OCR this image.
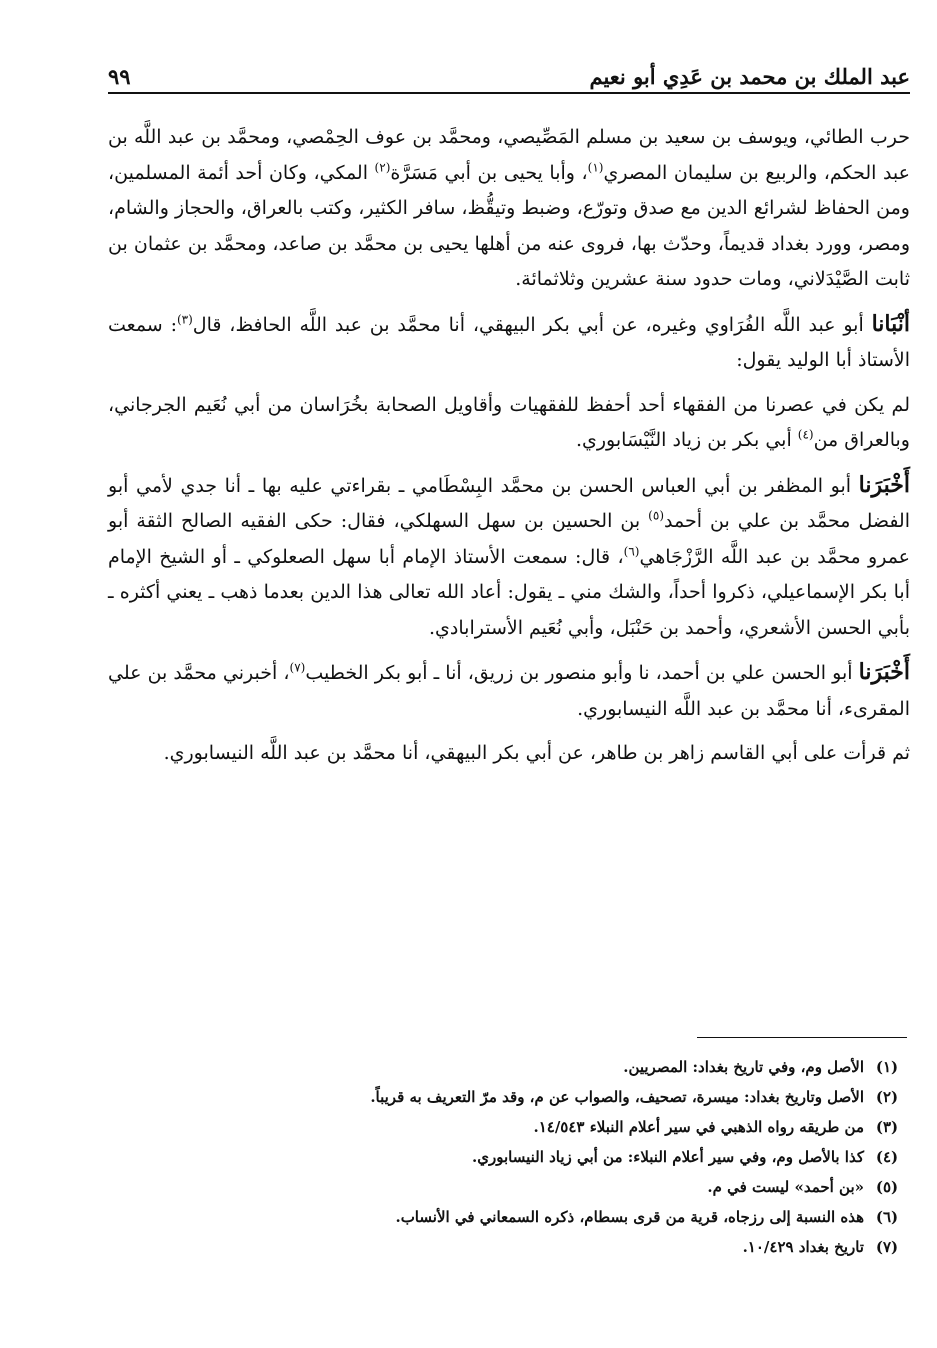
عبد الملك بن محمد بن عَدِي أبو نعيم
٩٩

حرب الطائي، ويوسف بن سعيد بن مسلم المَصِّيصي، ومحمَّد بن عوف الحِمْصي، ومحمَّد بن عبد اللَّه بن عبد الحكم، والربيع بن سليمان المصري$^{(١)}$، وأبا يحيى بن أبي مَسَرَّة$^{(٢)}$ المكي، وكان أحد أئمة المسلمين، ومن الحفاظ لشرائع الدين مع صدق وتورّع، وضبط وتيقُّظ، سافر الكثير، وكتب بالعراق، والحجاز والشام، ومصر، وورد بغداد قديماً، وحدّث بها، فروى عنه من أهلها يحيى بن محمَّد بن صاعد، ومحمَّد بن عثمان بن ثابت الصَّيْدَلاني، ومات حدود سنة عشرين وثلاثمائة.

أنْبَانا أبو عبد اللَّه الفُرَاوي وغيره، عن أبي بكر البيهقي، أنا محمَّد بن عبد اللَّه الحافظ، قال$^{(٣)}$: سمعت الأستاذ أبا الوليد يقول:

لم يكن في عصرنا من الفقهاء أحد أحفظ للفقهيات وأقاويل الصحابة بخُرَاسان من أبي نُعَيم الجرجاني، وبالعراق من$^{(٤)}$ أبي بكر بن زياد النَّيْسَابوري.

أَخْبَرَنا أبو المظفر بن أبي العباس الحسن بن محمَّد البِسْطَامي ـ بقراءتي عليه بها ـ أنا جدي لأمي أبو الفضل محمَّد بن علي بن أحمد$^{(٥)}$ بن الحسين بن سهل السهلكي، فقال: حكى الفقيه الصالح الثقة أبو عمرو محمَّد بن عبد اللَّه الرَّزْجَاهي$^{(٦)}$، قال: سمعت الأستاذ الإمام أبا سهل الصعلوكي ـ أو الشيخ الإمام أبا بكر الإسماعيلي، ذكروا أحداً، والشك مني ـ يقول: أعاد الله تعالى هذا الدين بعدما ذهب ـ يعني أكثره ـ بأبي الحسن الأشعري، وأحمد بن حَنْبَل، وأبي نُعَيم الأسترابادي.

أَخْبَرَنا أبو الحسن علي بن أحمد، نا وأبو منصور بن زريق، أنا ـ أبو بكر الخطيب$^{(٧)}$، أخبرني محمَّد بن علي المقرىء، أنا محمَّد بن عبد اللَّه النيسابوري.

ثم قرأت على أبي القاسم زاهر بن طاهر، عن أبي بكر البيهقي، أنا محمَّد بن عبد اللَّه النيسابوري.

(١)
الأصل وم، وفي تاريخ بغداد: المصريين.
(٢)
الأصل وتاريخ بغداد: ميسرة، تصحيف، والصواب عن م، وقد مرّ التعريف به قريباً.
(٣)
من طريقه رواه الذهبي في سير أعلام النبلاء ١٤/٥٤٣.
(٤)
كذا بالأصل وم، وفي سير أعلام النبلاء: من أبي زياد النيسابوري.
(٥)
«بن أحمد» ليست في م.
(٦)
هذه النسبة إلى رزجاه، قرية من قرى بسطام، ذكره السمعاني في الأنساب.
(٧)
تاريخ بغداد ١٠/٤٢٩.
